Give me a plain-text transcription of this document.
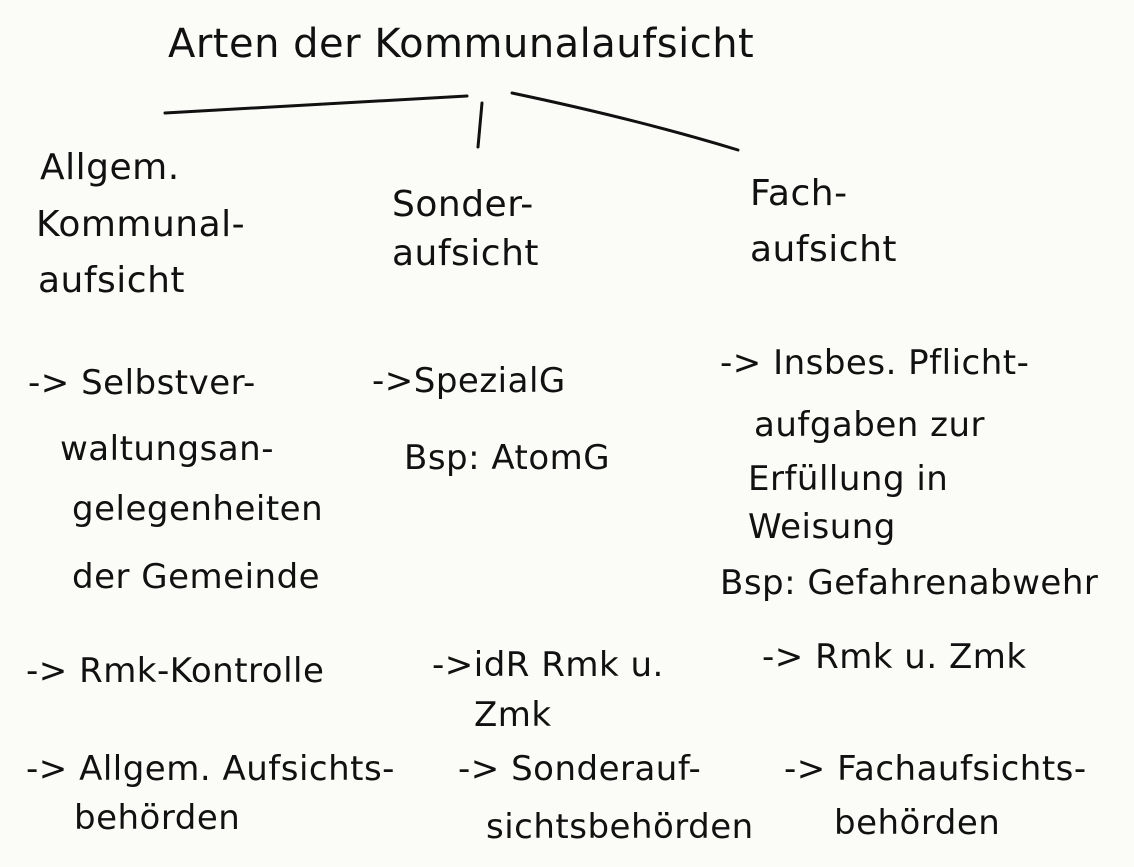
Arten der Kommunalaufsicht
Allgem.
Kommunal-
aufsicht
Sonder-
aufsicht
Fach-
aufsicht
-> Selbstver-
waltungsan-
gelegenheiten
der Gemeinde
->SpezialG
Bsp: AtomG
-> Insbes. Pflicht-
aufgaben zur
Erfüllung in
Weisung
Bsp: Gefahrenabwehr
-> Rmk-Kontrolle	->idR Rmk u.
Zmk
-> Rmk u. Zmk
-> Allgem. Aufsichts-
behörden
-> Sonderauf-
sichtsbehörden
-> Fachaufsichts-
behörden
